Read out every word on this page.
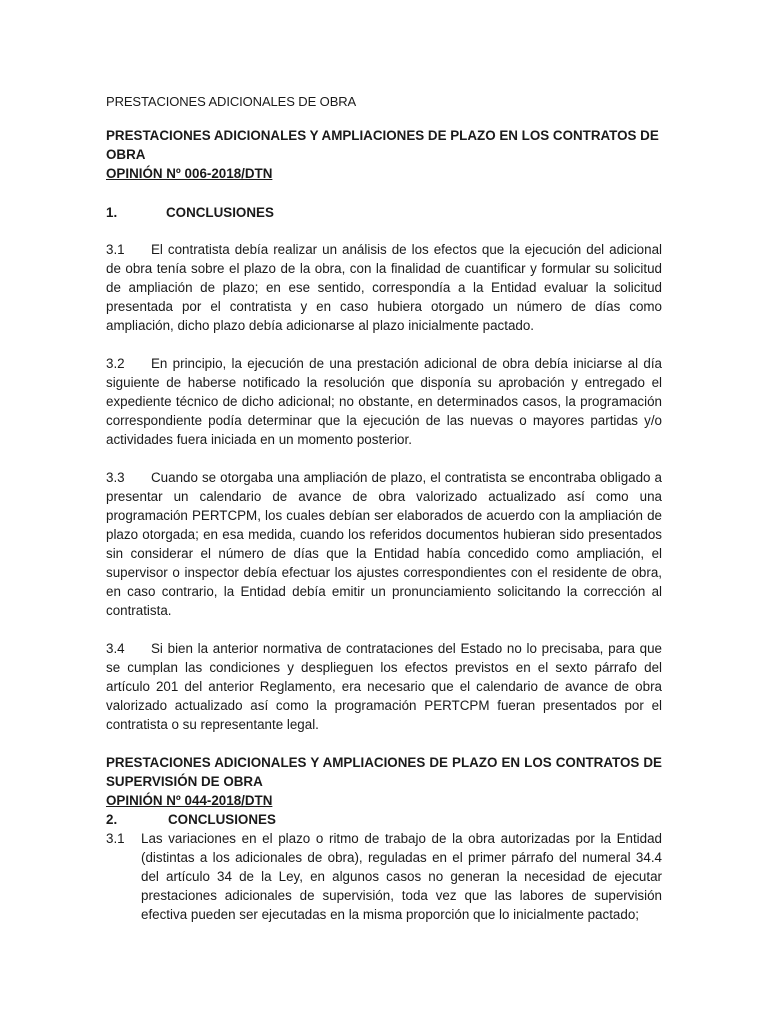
PRESTACIONES ADICIONALES DE OBRA

PRESTACIONES ADICIONALES Y AMPLIACIONES DE PLAZO EN LOS CONTRATOS DE OBRA

OPINIÓN Nº 006-2018/DTN

1.	CONCLUSIONES

3.1 El contratista debía realizar un análisis de los efectos que la ejecución del adicional de obra tenía sobre el plazo de la obra, con la finalidad de cuantificar y formular su solicitud de ampliación de plazo; en ese sentido, correspondía a la Entidad evaluar la solicitud presentada por el contratista y en caso hubiera otorgado un número de días como ampliación, dicho plazo debía adicionarse al plazo inicialmente pactado.

3.2 En principio, la ejecución de una prestación adicional de obra debía iniciarse al día siguiente de haberse notificado la resolución que disponía su aprobación y entregado el expediente técnico de dicho adicional; no obstante, en determinados casos, la programación correspondiente podía determinar que la ejecución de las nuevas o mayores partidas y/o actividades fuera iniciada en un momento posterior.

3.3 Cuando se otorgaba una ampliación de plazo, el contratista se encontraba obligado a presentar un calendario de avance de obra valorizado actualizado así como una programación PERTCPM, los cuales debían ser elaborados de acuerdo con la ampliación de plazo otorgada; en esa medida, cuando los referidos documentos hubieran sido presentados sin considerar el número de días que la Entidad había concedido como ampliación, el supervisor o inspector debía efectuar los ajustes correspondientes con el residente de obra, en caso contrario, la Entidad debía emitir un pronunciamiento solicitando la corrección al contratista.

3.4 Si bien la anterior normativa de contrataciones del Estado no lo precisaba, para que se cumplan las condiciones y desplieguen los efectos previstos en el sexto párrafo del artículo 201 del anterior Reglamento, era necesario que el calendario de avance de obra valorizado actualizado así como la programación PERTCPM fueran presentados por el contratista o su representante legal.

PRESTACIONES ADICIONALES Y AMPLIACIONES DE PLAZO EN LOS CONTRATOS DE SUPERVISIÓN DE OBRA

OPINIÓN Nº 044-2018/DTN

2.	CONCLUSIONES
3.1	Las variaciones en el plazo o ritmo de trabajo de la obra autorizadas por la Entidad (distintas a los adicionales de obra), reguladas en el primer párrafo del numeral 34.4 del artículo 34 de la Ley, en algunos casos no generan la necesidad de ejecutar prestaciones adicionales de supervisión, toda vez que las labores de supervisión efectiva pueden ser ejecutadas en la misma proporción que lo inicialmente pactado;
